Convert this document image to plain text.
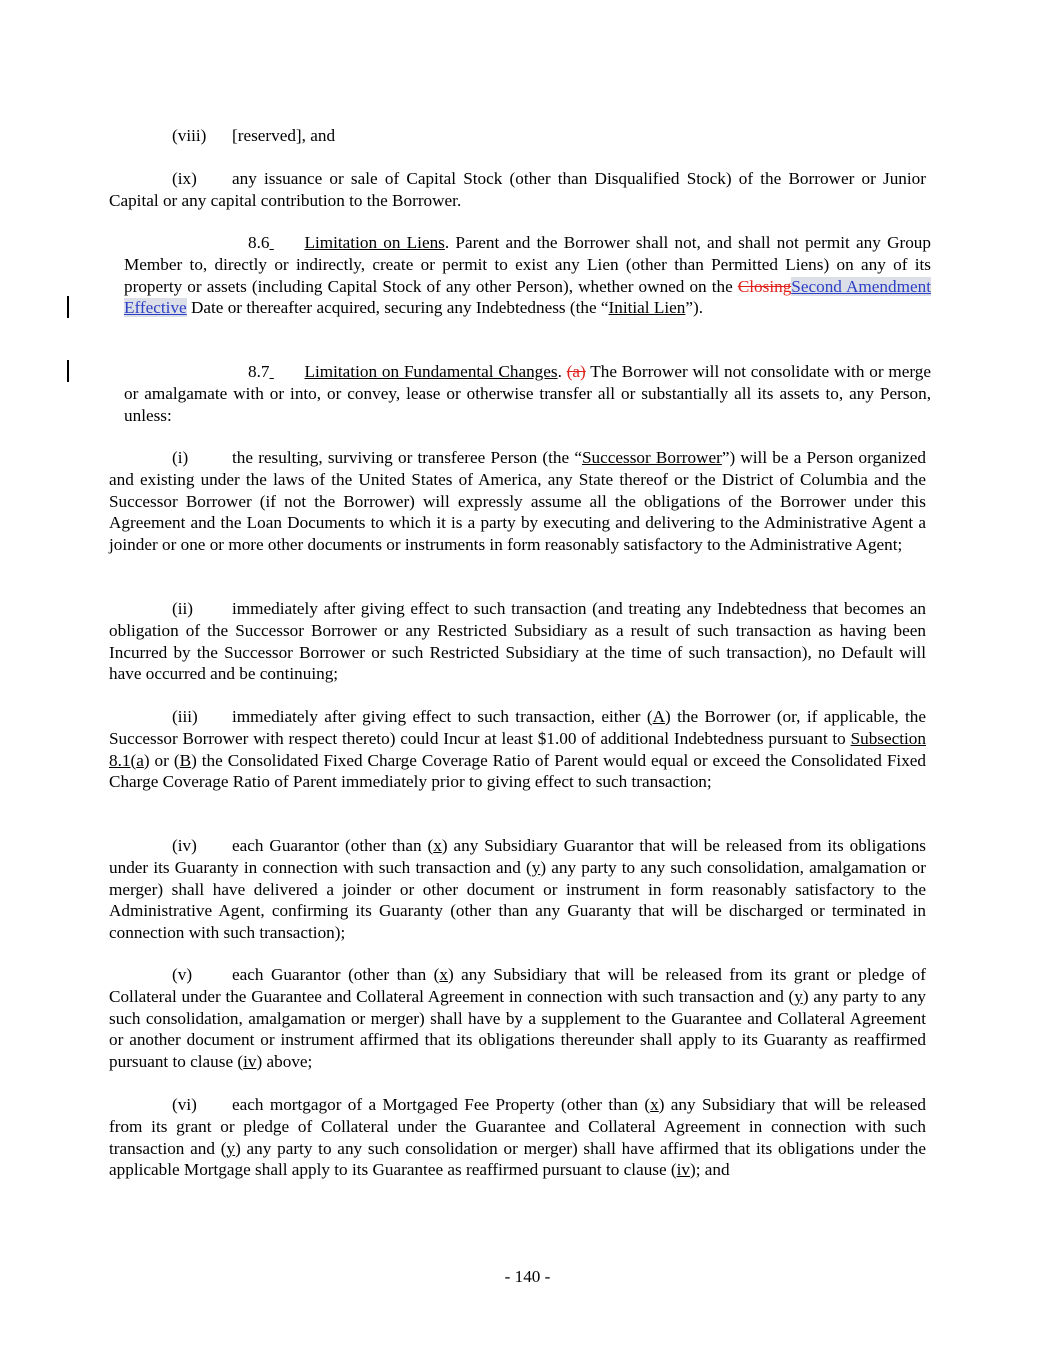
(viii) [reserved], and

(ix) any issuance or sale of Capital Stock (other than Disqualified Stock) of the Borrower or Junior Capital or any capital contribution to the Borrower.

8.6 Limitation on Liens. Parent and the Borrower shall not, and shall not permit any Group Member to, directly or indirectly, create or permit to exist any Lien (other than Permitted Liens) on any of its property or assets (including Capital Stock of any other Person), whether owned on the ClosingSecond Amendment Effective Date or thereafter acquired, securing any Indebtedness (the “Initial Lien”).

8.7 Limitation on Fundamental Changes. (a) The Borrower will not consolidate with or merge or amalgamate with or into, or convey, lease or otherwise transfer all or substantially all its assets to, any Person, unless:

(i)	the resulting, surviving or transferee Person (the “Successor Borrower”) will be a Person organized and existing under the laws of the United States of America, any State thereof or the District of Columbia and the Successor Borrower (if not the Borrower) will expressly assume all the obligations of the Borrower under this Agreement and the Loan Documents to which it is a party by executing and delivering to the Administrative Agent a joinder or one or more other documents or instruments in form reasonably satisfactory to the Administrative Agent;

(ii) immediately after giving effect to such transaction (and treating any Indebtedness that becomes an obligation of the Successor Borrower or any Restricted Subsidiary as a result of such transaction as having been Incurred by the Successor Borrower or such Restricted Subsidiary at the time of such transaction), no Default will have occurred and be continuing;

(iii) immediately after giving effect to such transaction, either (A) the Borrower (or, if applicable, the Successor Borrower with respect thereto) could Incur at least $1.00 of additional Indebtedness pursuant to Subsection 8.1(a) or (B) the Consolidated Fixed Charge Coverage Ratio of Parent would equal or exceed the Consolidated Fixed Charge Coverage Ratio of Parent immediately prior to giving effect to such transaction;

(iv) each Guarantor (other than (x) any Subsidiary Guarantor that will be released from its obligations under its Guaranty in connection with such transaction and (y) any party to any such consolidation, amalgamation or merger) shall have delivered a joinder or other document or instrument in form reasonably satisfactory to the Administrative Agent, confirming its Guaranty (other than any Guaranty that will be discharged or terminated in connection with such transaction);

(v) each Guarantor (other than (x) any Subsidiary that will be released from its grant or pledge of Collateral under the Guarantee and Collateral Agreement in connection with such transaction and (y) any party to any such consolidation, amalgamation or merger) shall have by a supplement to the Guarantee and Collateral Agreement or another document or instrument affirmed that its obligations thereunder shall apply to its Guaranty as reaffirmed pursuant to clause (iv) above;

(vi) each mortgagor of a Mortgaged Fee Property (other than (x) any Subsidiary that will be released from its grant or pledge of Collateral under the Guarantee and Collateral Agreement in connection with such transaction and (y) any party to any such consolidation or merger) shall have affirmed that its obligations under the applicable Mortgage shall apply to its Guarantee as reaffirmed pursuant to clause (iv); and

- 140 -
